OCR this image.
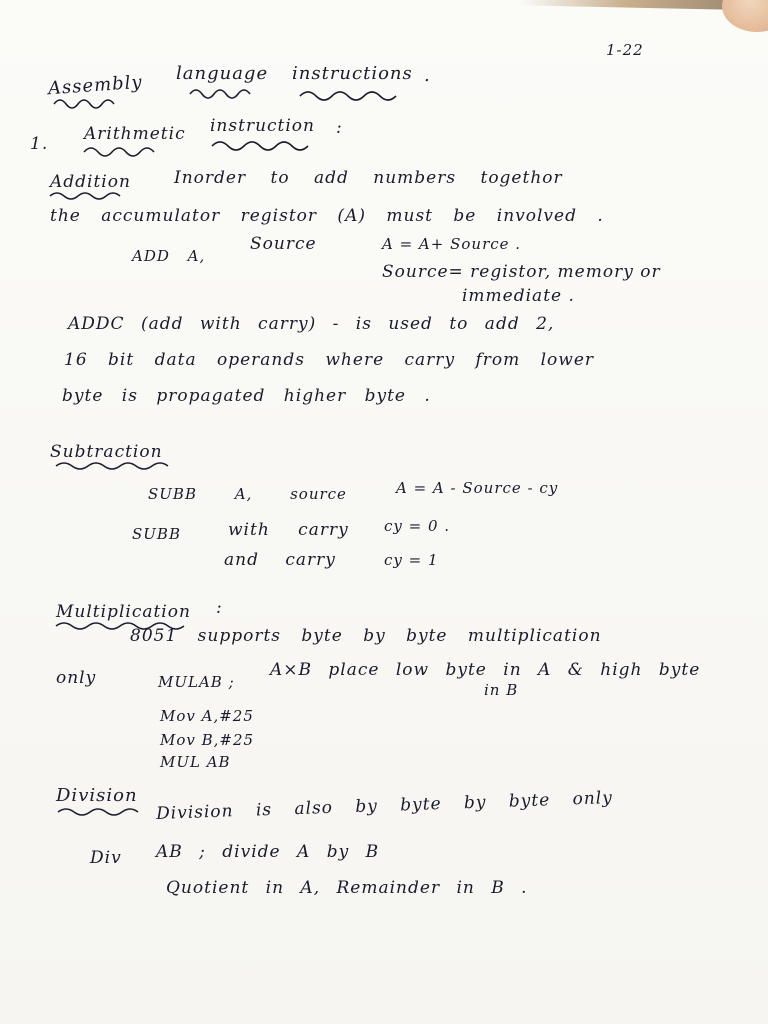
1-22
Assembly language instructions .
1. Arithmetic instruction :
Addition	Inorder to add numbers togethor
the accumulator registor (A) must be involved .
ADD A,
Source	A = A+ Source .
Source= registor, memory or
immediate .
ADDC (add with carry) - is used to add 2,
16 bit data operands where carry from lower
byte is propagated higher byte .
Subtraction
SUBB A, source	A = A - Source - cy
SUBB	with carry cy = 0 .
and carry	cy = 1
Multiplication :
8051 supports byte by byte multiplication
only	MULAB ;
A×B place low byte in A & high byte
in B
Mov A,#25
Mov B,#25
MUL AB
Division Division is also by byte by byte only
Div AB ; divide A by B
Quotient in A, Remainder in B .
